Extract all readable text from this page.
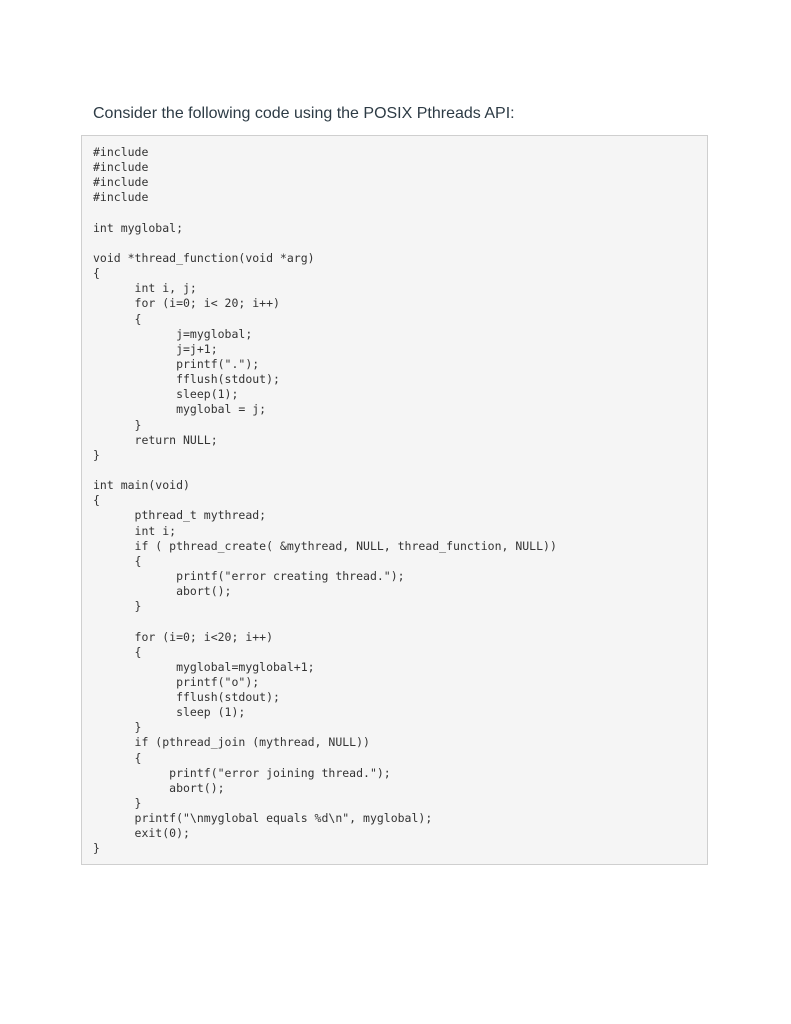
Consider the following code using the POSIX Pthreads API:

#include
#include
#include
#include
int myglobal;
void *thread_function(void *arg)
{
int i, j;
for (i=0; i< 20; i++)
{
j=myglobal;
j=j+1;
printf(".");
fflush(stdout);
sleep(1);
myglobal = j;
}
return NULL;
}
int main(void)
{
pthread_t mythread;
int i;
if ( pthread_create( &mythread, NULL, thread_function, NULL))
{
printf("error creating thread.");
abort();
}
for (i=0; i<20; i++)
{
myglobal=myglobal+1;
printf("o");
fflush(stdout);
sleep (1);
}
if (pthread_join (mythread, NULL))
{
printf("error joining thread.");
abort();
}
printf("\nmyglobal equals %d\n", myglobal);
exit(0);
}
